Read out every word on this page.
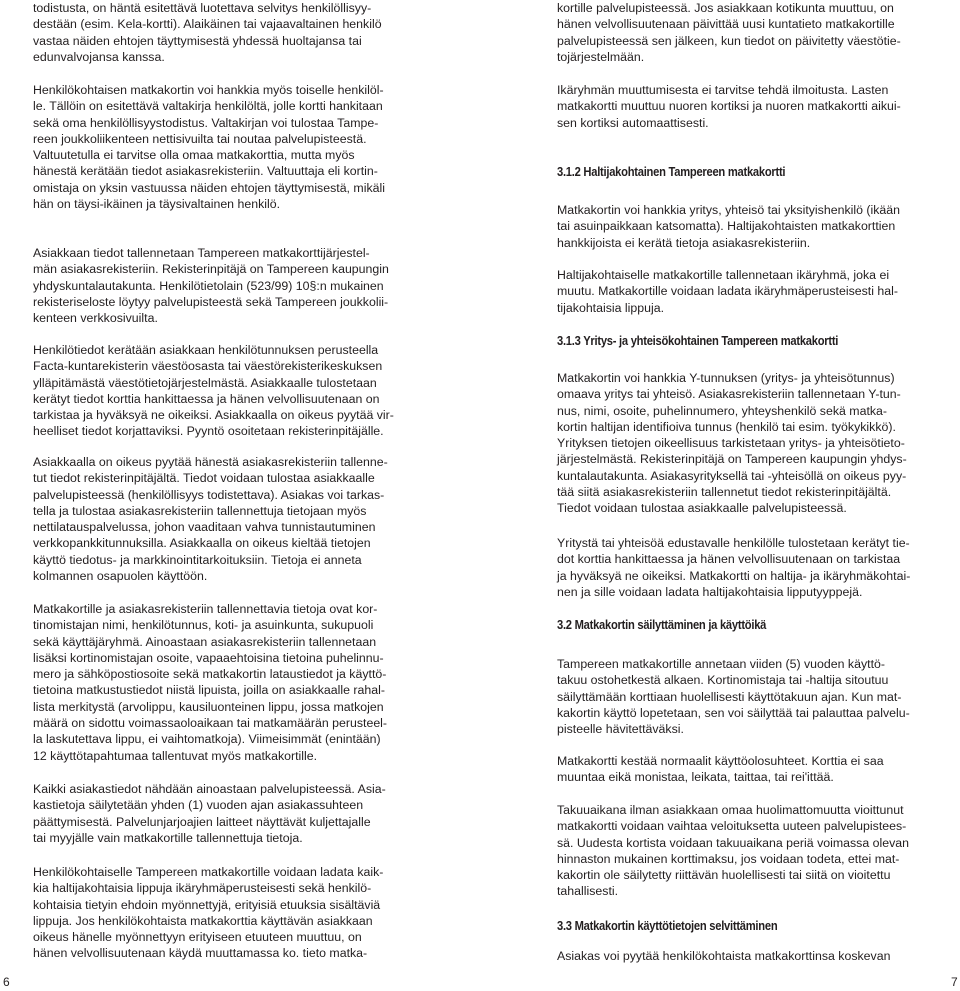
todistusta, on häntä esitettävä luotettava selvitys henkilöllisyy-
destään (esim. Kela-kortti). Alaikäinen tai vajaavaltainen henkilö
vastaa näiden ehtojen täyttymisestä yhdessä huoltajansa tai
edunvalvojansa kanssa.

Henkilökohtaisen matkakortin voi hankkia myös toiselle henkilöl-
le. Tällöin on esitettävä valtakirja henkilöltä, jolle kortti hankitaan
sekä oma henkilöllisyystodistus. Valtakirjan voi tulostaa Tampe-
reen joukkoliikenteen nettisivuilta tai noutaa palvelupisteestä.
Valtuutetulla ei tarvitse olla omaa matkakorttia, mutta myös
hänestä kerätään tiedot asiakasrekisteriin. Valtuuttaja eli kortin-
omistaja on yksin vastuussa näiden ehtojen täyttymisestä, mikäli
hän on täysi-ikäinen ja täysivaltainen henkilö.

Asiakkaan tiedot tallennetaan Tampereen matkakorttijärjestel-
män asiakasrekisteriin. Rekisterinpitäjä on Tampereen kaupungin
yhdyskuntalautakunta. Henkilötietolain (523/99) 10§:n mukainen
rekisteriseloste löytyy palvelupisteestä sekä Tampereen joukkolii-
kenteen verkkosivuilta.

Henkilötiedot kerätään asiakkaan henkilötunnuksen perusteella
Facta-kuntarekisterin väestöosasta tai väestörekisterikeskuksen
ylläpitämästä väestötietojärjestelmästä. Asiakkaalle tulostetaan
kerätyt tiedot korttia hankittaessa ja hänen velvollisuutenaan on
tarkistaa ja hyväksyä ne oikeiksi. Asiakkaalla on oikeus pyytää vir-
heelliset tiedot korjattaviksi. Pyyntö osoitetaan rekisterinpitäjälle.

Asiakkaalla on oikeus pyytää hänestä asiakasrekisteriin tallenne-
tut tiedot rekisterinpitäjältä. Tiedot voidaan tulostaa asiakkaalle
palvelupisteessä (henkilöllisyys todistettava). Asiakas voi tarkas-
tella ja tulostaa asiakasrekisteriin tallennettuja tietojaan myös
nettilatauspalvelussa, johon vaaditaan vahva tunnistautuminen
verkkopankkitunnuksilla. Asiakkaalla on oikeus kieltää tietojen
käyttö tiedotus- ja markkinointitarkoituksiin. Tietoja ei anneta
kolmannen osapuolen käyttöön.

Matkakortille ja asiakasrekisteriin tallennettavia tietoja ovat kor-
tinomistajan nimi, henkilötunnus, koti- ja asuinkunta, sukupuoli
sekä käyttäjäryhmä. Ainoastaan asiakasrekisteriin tallennetaan
lisäksi kortinomistajan osoite, vapaaehtoisina tietoina puhelinnu-
mero ja sähköpostiosoite sekä matkakortin lataustiedot ja käyttö-
tietoina matkustustiedot niistä lipuista, joilla on asiakkaalle rahal-
lista merkitystä (arvolippu, kausiluonteinen lippu, jossa matkojen
määrä on sidottu voimassaoloaikaan tai matkamäärän perusteel-
la laskutettava lippu, ei vaihtomatkoja). Viimeisimmät (enintään)
12 käyttötapahtumaa tallentuvat myös matkakortille.

Kaikki asiakastiedot nähdään ainoastaan palvelupisteessä. Asia-
kastietoja säilytetään yhden (1) vuoden ajan asiakassuhteen
päättymisestä. Palvelunjarjoajien laitteet näyttävät kuljettajalle
tai myyjälle vain matkakortille tallennettuja tietoja.

Henkilökohtaiselle Tampereen matkakortille voidaan ladata kaik-
kia haltijakohtaisia lippuja ikäryhmäperusteisesti sekä henkilö-
kohtaisia tietyin ehdoin myönnettyjä, erityisiä etuuksia sisältäviä
lippuja. Jos henkilökohtaista matkakorttia käyttävän asiakkaan
oikeus hänelle myönnettyyn erityiseen etuuteen muuttuu, on
hänen velvollisuutenaan käydä muuttamassa ko. tieto matka-

kortille palvelupisteessä. Jos asiakkaan kotikunta muuttuu, on
hänen velvollisuutenaan päivittää uusi kuntatieto matkakortille
palvelupisteessä sen jälkeen, kun tiedot on päivitetty väestötie-
tojärjestelmään.

Ikäryhmän muuttumisesta ei tarvitse tehdä ilmoitusta. Lasten
matkakortti muuttuu nuoren kortiksi ja nuoren matkakortti aikui-
sen kortiksi automaattisesti.

3.1.2 Haltijakohtainen Tampereen matkakortti

Matkakortin voi hankkia yritys, yhteisö tai yksityishenkilö (ikään
tai asuinpaikkaan katsomatta). Haltijakohtaisten matkakorttien
hankkijoista ei kerätä tietoja asiakasrekisteriin.

Haltijakohtaiselle matkakortille tallennetaan ikäryhmä, joka ei
muutu. Matkakortille voidaan ladata ikäryhmäperusteisesti hal-
tijakohtaisia lippuja.

3.1.3 Yritys- ja yhteisökohtainen Tampereen matkakortti

Matkakortin voi hankkia Y-tunnuksen (yritys- ja yhteisötunnus)
omaava yritys tai yhteisö. Asiakasrekisteriin tallennetaan Y-tun-
nus, nimi, osoite, puhelinnumero, yhteyshenkilö sekä matka-
kortin haltijan identifioiva tunnus (henkilö tai esim. työkykikkö).
Yrityksen tietojen oikeellisuus tarkistetaan yritys- ja yhteisötieto-
järjestelmästä. Rekisterinpitäjä on Tampereen kaupungin yhdys-
kuntalautakunta. Asiakasyrityksellä tai -yhteisöllä on oikeus pyy-
tää siitä asiakasrekisteriin tallennetut tiedot rekisterinpitäjältä.
Tiedot voidaan tulostaa asiakkaalle palvelupisteessä.

Yritystä tai yhteisöä edustavalle henkilölle tulostetaan kerätyt tie-
dot korttia hankittaessa ja hänen velvollisuutenaan on tarkistaa
ja hyväksyä ne oikeiksi. Matkakortti on haltija- ja ikäryhmäkohtai-
nen ja sille voidaan ladata haltijakohtaisia lipputyyppejä.

3.2 Matkakortin säilyttäminen ja käyttöikä

Tampereen matkakortille annetaan viiden (5) vuoden käyttö-
takuu ostohetkestä alkaen. Kortinomistaja tai -haltija sitoutuu
säilyttämään korttiaan huolellisesti käyttötakuun ajan. Kun mat-
kakortin käyttö lopetetaan, sen voi säilyttää tai palauttaa palvelu-
pisteelle hävitettäväksi.

Matkakortti kestää normaalit käyttöolosuhteet. Korttia ei saa
muuntaa eikä monistaa, leikata, taittaa, tai rei'ittää.

Takuuaikana ilman asiakkaan omaa huolimattomuutta vioittunut
matkakortti voidaan vaihtaa veloituksetta uuteen palvelupistees-
sä. Uudesta kortista voidaan takuuaikana periä voimassa olevan
hinnaston mukainen korttimaksu, jos voidaan todeta, ettei mat-
kakortin ole säilytetty riittävän huolellisesti tai siitä on vioitettu
tahallisesti.

3.3 Matkakortin käyttötietojen selvittäminen

Asiakas voi pyytää henkilökohtaista matkakorttinsa koskevan

6	7
